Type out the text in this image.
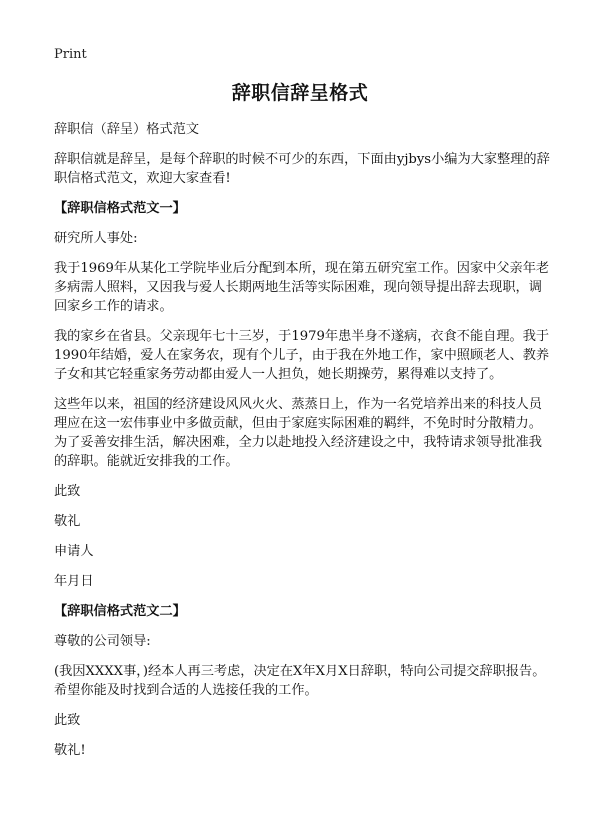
Print
辞职信辞呈格式

辞职信（辞呈）格式范文

辞职信就是辞呈，是每个辞职的时候不可少的东西，下面由yjbys小编为大家整理的辞职信格式范文，欢迎大家查看!

【辞职信格式范文一】

研究所人事处:

我于1969年从某化工学院毕业后分配到本所，现在第五研究室工作。因家中父亲年老多病需人照料，又因我与爱人长期两地生活等实际困难，现向领导提出辞去现职，调回家乡工作的请求。

我的家乡在省县。父亲现年七十三岁，于1979年患半身不遂病，衣食不能自理。我于1990年结婚，爱人在家务农，现有个儿子，由于我在外地工作，家中照顾老人、教养子女和其它轻重家务劳动都由爱人一人担负，她长期操劳，累得难以支持了。

这些年以来，祖国的经济建设风风火火、蒸蒸日上，作为一名党培养出来的科技人员理应在这一宏伟事业中多做贡献，但由于家庭实际困难的羁绊，不免时时分散精力。为了妥善安排生活，解决困难，全力以赴地投入经济建设之中，我特请求领导批准我的辞职。能就近安排我的工作。

此致

敬礼

申请人

年月日

【辞职信格式范文二】

尊敬的公司领导:

(我因XXXX事，)经本人再三考虑，决定在X年X月X日辞职，特向公司提交辞职报告。希望你能及时找到合适的人选接任我的工作。

此致

敬礼!
